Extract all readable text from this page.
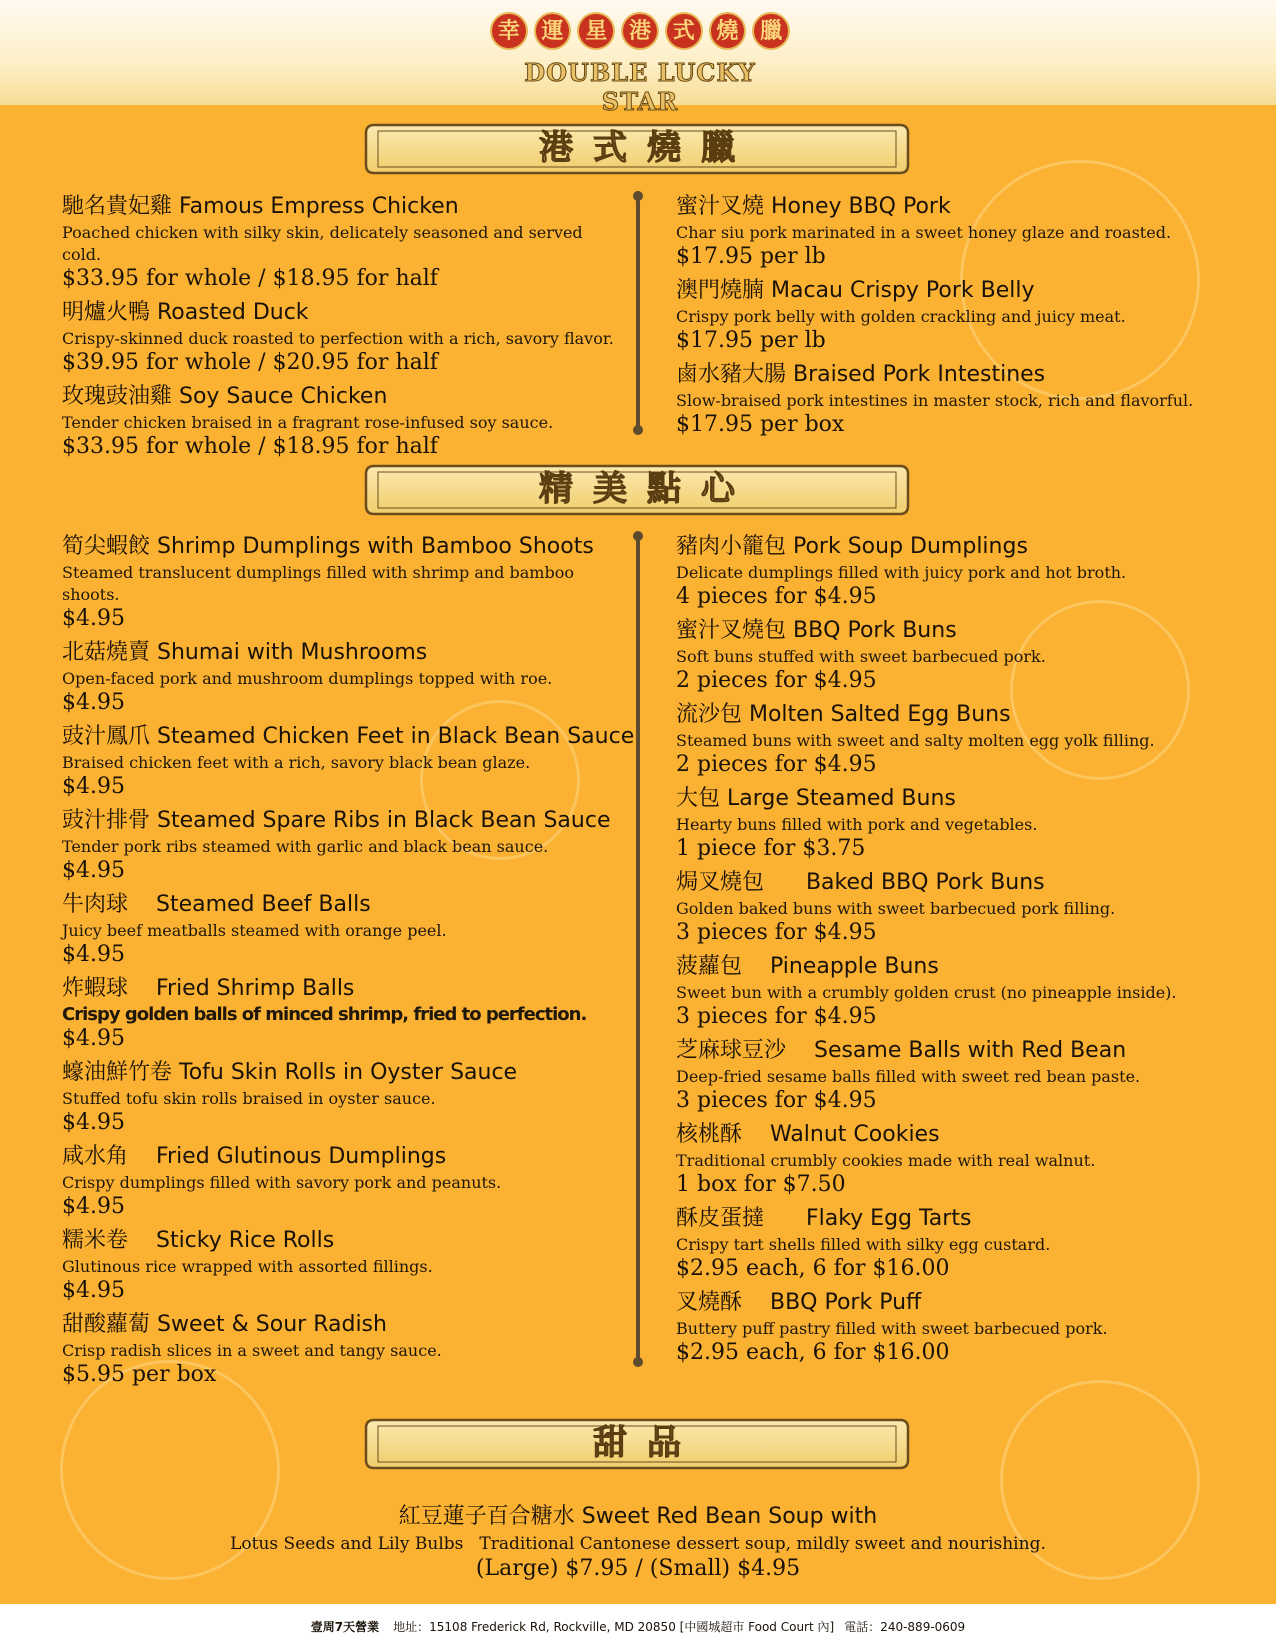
幸 運 星 港 式 燒 臘
DOUBLE LUCKY STAR
港式燒臘
馳名貴妃雞 Famous Empress Chicken
Poached chicken with silky skin, delicately seasoned and served cold.
$33.95 for whole / $18.95 for half
明爐火鴨 Roasted Duck
Crispy-skinned duck roasted to perfection with a rich, savory flavor.
$39.95 for whole / $20.95 for half
玫瑰豉油雞 Soy Sauce Chicken
Tender chicken braised in a fragrant rose-infused soy sauce.
$33.95 for whole / $18.95 for half
蜜汁叉燒 Honey BBQ Pork
Char siu pork marinated in a sweet honey glaze and roasted.
$17.95 per lb
澳門燒腩 Macau Crispy Pork Belly
Crispy pork belly with golden crackling and juicy meat.
$17.95 per lb
鹵水豬大腸 Braised Pork Intestines
Slow-braised pork intestines in master stock, rich and flavorful.
$17.95 per box
精美點心
筍尖蝦餃 Shrimp Dumplings with Bamboo Shoots
Steamed translucent dumplings filled with shrimp and bamboo shoots.
$4.95
北菇燒賣 Shumai with Mushrooms
Open-faced pork and mushroom dumplings topped with roe.
$4.95
豉汁鳳爪 Steamed Chicken Feet in Black Bean Sauce
Braised chicken feet with a rich, savory black bean glaze.
$4.95
豉汁排骨 Steamed Spare Ribs in Black Bean Sauce
Tender pork ribs steamed with garlic and black bean sauce.
$4.95
牛肉球    Steamed Beef Balls
Juicy beef meatballs steamed with orange peel.
$4.95
炸蝦球    Fried Shrimp Balls
Crispy golden balls of minced shrimp, fried to perfection.
$4.95
蠔油鮮竹卷 Tofu Skin Rolls in Oyster Sauce
Stuffed tofu skin rolls braised in oyster sauce.
$4.95
咸水角    Fried Glutinous Dumplings
Crispy dumplings filled with savory pork and peanuts.
$4.95
糯米卷    Sticky Rice Rolls
Glutinous rice wrapped with assorted fillings.
$4.95
甜酸蘿蔔 Sweet & Sour Radish
Crisp radish slices in a sweet and tangy sauce.
$5.95 per box
豬肉小籠包 Pork Soup Dumplings
Delicate dumplings filled with juicy pork and hot broth.
4 pieces for $4.95
蜜汁叉燒包 BBQ Pork Buns
Soft buns stuffed with sweet barbecued pork.
2 pieces for $4.95
流沙包 Molten Salted Egg Buns
Steamed buns with sweet and salty molten egg yolk filling.
2 pieces for $4.95
大包 Large Steamed Buns
Hearty buns filled with pork and vegetables.
1 piece for $3.75
焗叉燒包      Baked BBQ Pork Buns
Golden baked buns with sweet barbecued pork filling.
3 pieces for $4.95
菠蘿包    Pineapple Buns
Sweet bun with a crumbly golden crust (no pineapple inside).
3 pieces for $4.95
芝麻球豆沙    Sesame Balls with Red Bean
Deep-fried sesame balls filled with sweet red bean paste.
3 pieces for $4.95
核桃酥    Walnut Cookies
Traditional crumbly cookies made with real walnut.
1 box for $7.50
酥皮蛋撻      Flaky Egg Tarts
Crispy tart shells filled with silky egg custard.
$2.95 each, 6 for $16.00
叉燒酥    BBQ Pork Puff
Buttery puff pastry filled with sweet barbecued pork.
$2.95 each, 6 for $16.00
甜品
紅豆蓮子百合糖水 Sweet Red Bean Soup with
Lotus Seeds and Lily Bulbs Traditional Cantonese dessert soup, mildly sweet and nourishing.
(Large) $7.95 / (Small) $4.95
壹周7天營業 地址：15108 Frederick Rd, Rockville, MD 20850 [中國城超市 Food Court 內] 電話：240-889-0609
